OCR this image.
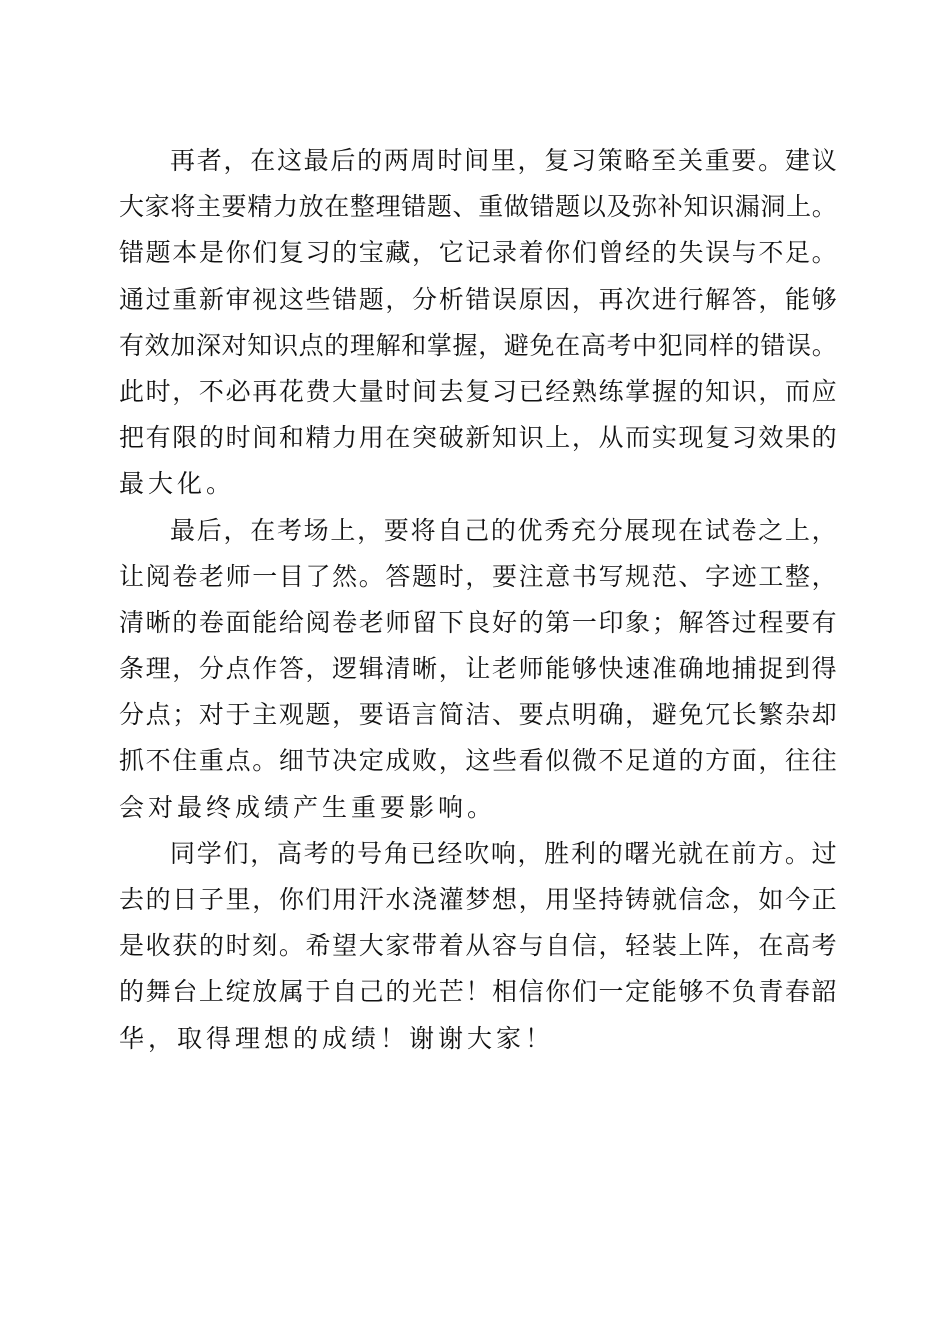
再 者 ， 在 这 最 后 的 两 周 时 间 里 ， 复 习 策 略 至 关 重 要 。 建 议
大 家 将 主 要 精 力 放 在 整 理 错 题 、 重 做 错 题 以 及 弥 补 知 识 漏 洞 上 。
错 题 本 是 你 们 复 习 的 宝 藏 ， 它 记 录 着 你 们 曾 经 的 失 误 与 不 足 。
通 过 重 新 审 视 这 些 错 题 ， 分 析 错 误 原 因 ， 再 次 进 行 解 答 ， 能 够
有 效 加 深 对 知 识 点 的 理 解 和 掌 握 ， 避 免 在 高 考 中 犯 同 样 的 错 误 。
此 时 ， 不 必 再 花 费 大 量 时 间 去 复 习 已 经 熟 练 掌 握 的 知 识 ， 而 应
把 有 限 的 时 间 和 精 力 用 在 突 破 新 知 识 上 ， 从 而 实 现 复 习 效 果 的
最大化。
最 后 ， 在 考 场 上 ， 要 将 自 己 的 优 秀 充 分 展 现 在 试 卷 之 上 ，
让 阅 卷 老 师 一 目 了 然 。 答 题 时 ， 要 注 意 书 写 规 范 、 字 迹 工 整 ，
清 晰 的 卷 面 能 给 阅 卷 老 师 留 下 良 好 的 第 一 印 象 ； 解 答 过 程 要 有
条 理 ， 分 点 作 答 ， 逻 辑 清 晰 ， 让 老 师 能 够 快 速 准 确 地 捕 捉 到 得
分 点 ； 对 于 主 观 题 ， 要 语 言 简 洁 、 要 点 明 确 ， 避 免 冗 长 繁 杂 却
抓 不 住 重 点 。 细 节 决 定 成 败 ， 这 些 看 似 微 不 足 道 的 方 面 ， 往 往
会对最终成绩产生重要影响。
同 学 们 ， 高 考 的 号 角 已 经 吹 响 ， 胜 利 的 曙 光 就 在 前 方 。 过
去 的 日 子 里 ， 你 们 用 汗 水 浇 灌 梦 想 ， 用 坚 持 铸 就 信 念 ， 如 今 正
是 收 获 的 时 刻 。 希 望 大 家 带 着 从 容 与 自 信 ， 轻 装 上 阵 ， 在 高 考
的 舞 台 上 绽 放 属 于 自 己 的 光 芒 ！ 相 信 你 们 一 定 能 够 不 负 青 春 韶
华，取得理想的成绩！谢谢大家！
